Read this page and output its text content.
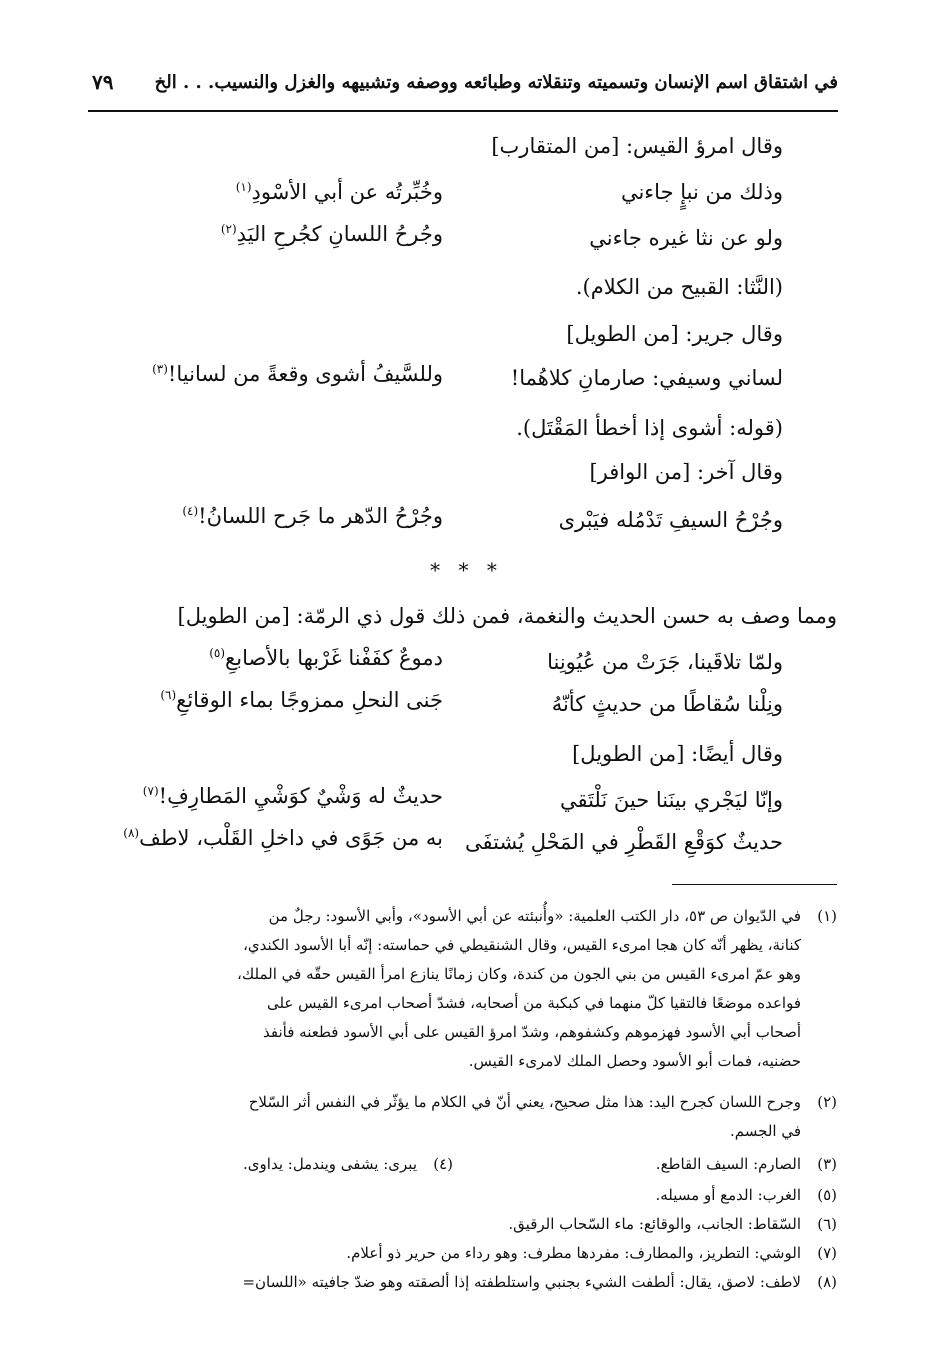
في اشتقاق اسم الإنسان وتسميته وتنقلاته وطبائعه ووصفه وتشبيهه والغزل والنسيب. . . الخ
٧٩
وقال امرؤ القيس: [من المتقارب]
وذلك من نبإٍ جاءني
وخُبِّرتُه عن أبي الأسْودِ$^{(١)}$
ولو عن نثا غيره جاءني
وجُرحُ اللسانِ كجُرحِ اليَدِ$^{(٢)}$
(النَّثا: القبيح من الكلام).
وقال جرير: [من الطويل]
لساني وسيفي: صارمانِ كلاهُما!
وللسَّيفُ أشوى وقعةً من لسانيا!$^{(٣)}$
(قوله: أشوى إذا أخطأ المَقْتَل).
وقال آخر: [من الوافر]
وجُرْحُ السيفِ تَدْمُله فيَبْرى
وجُرْحُ الدّهر ما جَرح اللسانُ!$^{(٤)}$
* * *
ومما وصف به حسن الحديث والنغمة، فمن ذلك قول ذي الرمّة: [من الطويل]
ولمّا تلاقَينا، جَرَتْ من عُيُونِنا
دموعٌ كفَفْنا غَرْبها بالأصابعِ$^{(٥)}$
ونِلْنا سُقاطًا من حديثٍ كأنّهُ
جَنى النحلِ ممزوجًا بماء الوقائعِ$^{(٦)}$
وقال أيضًا: [من الطويل]
وإنّا ليَجْري بينَنا حينَ نَلْتَقي
حديثٌ له وَشْيٌ كوَشْيِ المَطارِفِ!$^{(٧)}$
حديثٌ كوَقْعِ القَطْرِ في المَحْلِ يُشتفَى
به من جَوًى في داخلِ القَلْب، لاطف$^{(٨)}$
(١)في الدّيوان ص ٥٣، دار الكتب العلمية: «وأُنبئته عن أبي الأسود»، وأبي الأسود: رجلٌ من
كنانة، يظهر أنّه كان هجا امرىء القيس، وقال الشنقيطي في حماسته: إنّه أبا الأسود الكندي،
وهو عمّ امرىء القيس من بني الجون من كندة، وكان زمانًا ينازع امرأ القيس حقّه في الملك،
فواعده موضعًا فالتقيا كلّ منهما في كبكبة من أصحابه، فشدّ أصحاب امرىء القيس على
أصحاب أبي الأسود فهزموهم وكشفوهم، وشدّ امرؤ القيس على أبي الأسود فطعنه فأنفذ
حضنيه، فمات أبو الأسود وحصل الملك لامرىء القيس.
(٢)وجرح اللسان كجرح اليد: هذا مثل صحيح، يعني أنّ في الكلام ما يؤثّر في النفس أثر السّلاح
في الجسم.
(٣)الصارم: السيف القاطع.
(٤)يبرى: يشفى ويندمل: يداوى.
(٥)الغرب: الدمع أو مسيله.
(٦)السّقاط: الجانب، والوقائع: ماء السّحاب الرقيق.
(٧)الوشي: التطريز، والمطارف: مفردها مطرف: وهو رداء من حرير ذو أعلام.
(٨)لاطف: لاصق، يقال: ألطفت الشيء بجنبي واستلطفته إذا ألصقته وهو ضدّ جافيته «اللسان=
